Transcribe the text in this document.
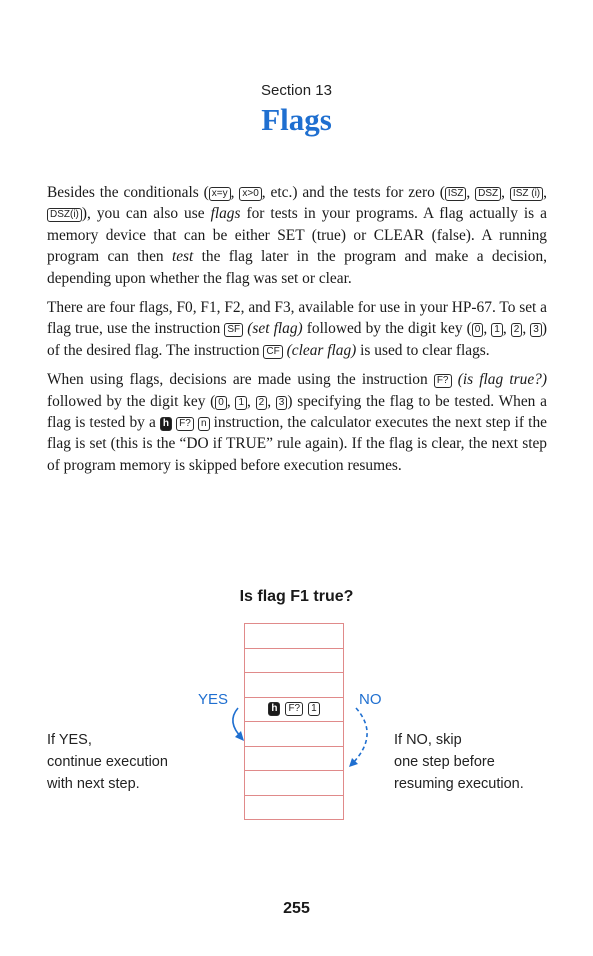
Section 13
Flags

Besides the conditionals ( x=y , x>0 , etc.) and the tests for zero ( ISZ , DSZ , ISZ (i) , DSZ(i) ), you can also use flags for tests in your programs. A flag actually is a memory device that can be either SET (true) or CLEAR (false). A running program can then test the flag later in the program and make a decision, depending upon whether the flag was set or clear.

There are four flags, F0, F1, F2, and F3, available for use in your HP-67. To set a flag true, use the instruction SF (set flag) followed by the digit key ( 0 , 1 , 2 , 3 ) of the desired flag. The instruction CF (clear flag) is used to clear flags.

When using flags, decisions are made using the instruction F? (is flag true?) followed by the digit key ( 0 , 1 , 2 , 3 ) specifying the flag to be tested. When a flag is tested by a h F? n instruction, the calculator executes the next step if the flag is set (this is the “DO if TRUE” rule again). If the flag is clear, the next step of program memory is skipped before execution resumes.

Is flag F1 true?
h	F?	1
YES	NO
If YES,
continue execution
with next step.
If NO, skip
one step before
resuming execution.
255
